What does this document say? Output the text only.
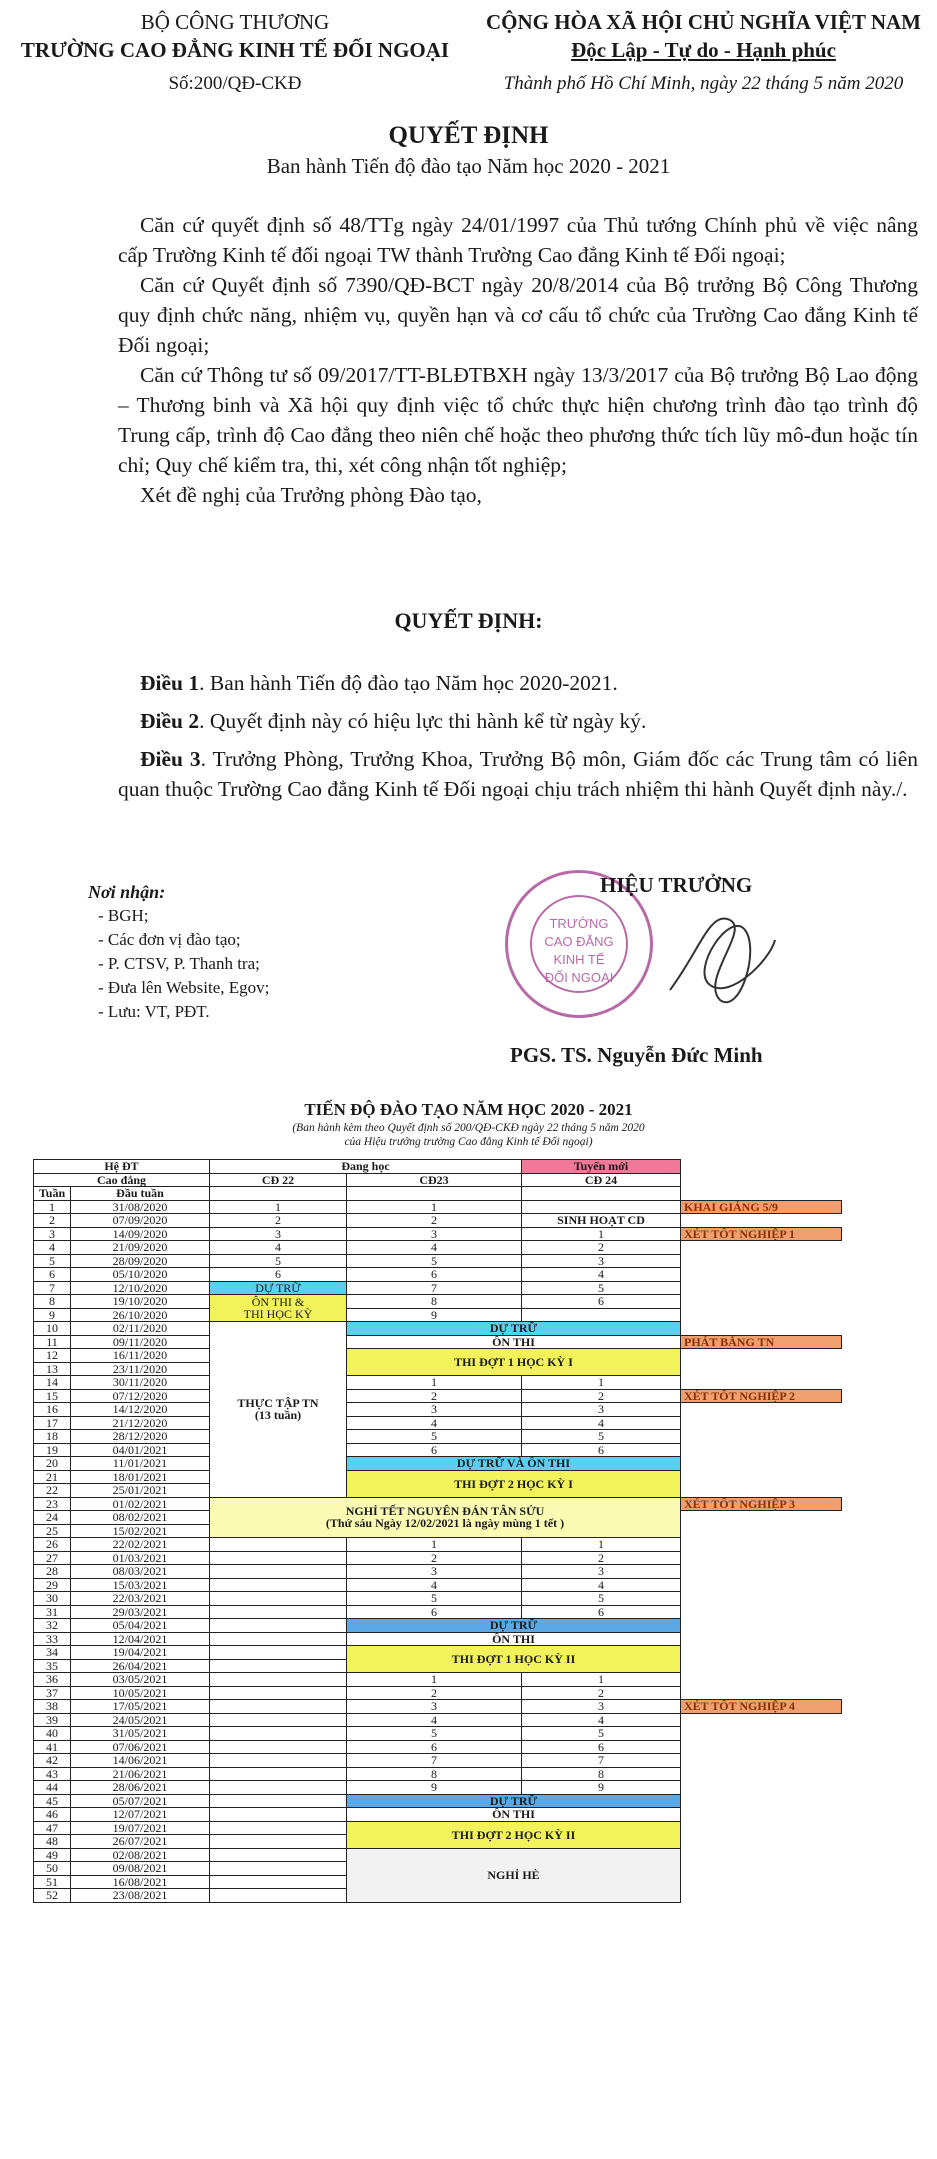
BỘ CÔNG THƯƠNG
TRƯỜNG CAO ĐẲNG KINH TẾ ĐỐI NGOẠI
Số:200/QĐ-CKĐ
CỘNG HÒA XÃ HỘI CHỦ NGHĨA VIỆT NAM
Độc Lập - Tự do - Hạnh phúc
Thành phố Hồ Chí Minh, ngày 22 tháng 5 năm 2020
QUYẾT ĐỊNH
Ban hành Tiến độ đào tạo Năm học 2020 - 2021

Căn cứ quyết định số 48/TTg ngày 24/01/1997 của Thủ tướng Chính phủ về việc nâng cấp Trường Kinh tế đối ngoại TW thành Trường Cao đẳng Kinh tế Đối ngoại;

Căn cứ Quyết định số 7390/QĐ-BCT ngày 20/8/2014 của Bộ trưởng Bộ Công Thương quy định chức năng, nhiệm vụ, quyền hạn và cơ cấu tổ chức của Trường Cao đẳng Kinh tế Đối ngoại;

Căn cứ Thông tư số 09/2017/TT-BLĐTBXH ngày 13/3/2017 của Bộ trưởng Bộ Lao động – Thương binh và Xã hội quy định việc tổ chức thực hiện chương trình đào tạo trình độ Trung cấp, trình độ Cao đẳng theo niên chế hoặc theo phương thức tích lũy mô-đun hoặc tín chỉ; Quy chế kiểm tra, thi, xét công nhận tốt nghiệp;

Xét đề nghị của Trưởng phòng Đào tạo,

QUYẾT ĐỊNH:

Điều 1. Ban hành Tiến độ đào tạo Năm học 2020-2021.

Điều 2. Quyết định này có hiệu lực thi hành kể từ ngày ký.

Điều 3. Trưởng Phòng, Trưởng Khoa, Trưởng Bộ môn, Giám đốc các Trung tâm có liên quan thuộc Trường Cao đẳng Kinh tế Đối ngoại chịu trách nhiệm thi hành Quyết định này./.

Nơi nhận:
- BGH;
- Các đơn vị đào tạo;
- P. CTSV, P. Thanh tra;
- Đưa lên Website, Egov;
- Lưu: VT, PĐT.
TRƯỜNG
CAO ĐẲNG
KINH TẾ
ĐỐI NGOẠI
HIỆU TRƯỞNG
PGS. TS. Nguyễn Đức Minh
TIẾN ĐỘ ĐÀO TẠO NĂM HỌC 2020 - 2021
(Ban hành kèm theo Quyết định số 200/QĐ-CKĐ ngày 22 tháng 5 năm 2020
của Hiệu trưởng trường Cao đẳng Kinh tế Đối ngoại)
Hệ ĐT		Đang học		Tuyển mới	
Cao đẳng		CĐ 22	CĐ23	CĐ 24	
Tuần	Đầu tuần				
1	31/08/2020	1	1		KHAI GIẢNG 5/9
2	07/09/2020	2	2	SINH HOẠT CD	

3	14/09/2020	3	3	1	XÉT TỐT NGHIỆP 1
4	21/09/2020	4	4	2	
5	28/09/2020	5	5	3	
6	05/10/2020	6	6	4	
7	12/10/2020	DỰ TRỮ	7	5	
8	19/10/2020	ÔN THI &
THI HỌC KỲ	8	6	
9	26/10/2020		9		
10	02/11/2020	THỰC TẬP TN
(13 tuần)	DỰ TRỮ		

11	09/11/2020		ÔN THI		PHÁT BẰNG TN
12	16/11/2020		THI ĐỢT 1 HỌC KỲ I		

13	23/11/2020				
14	30/11/2020		1	1	
15	07/12/2020		2	2	XÉT TỐT NGHIỆP 2
16	14/12/2020		3	3	
17	21/12/2020		4	4	
18	28/12/2020		5	5	
19	04/01/2021		6	6	
20	11/01/2021		DỰ TRỮ VÀ ÔN THI		

21	18/01/2021		THI ĐỢT 2 HỌC KỲ I		

22	25/01/2021				
23	01/02/2021	NGHỈ TẾT NGUYÊN ĐÁN TÂN SỬU
(Thứ sáu Ngày 12/02/2021 là ngày mùng 1 tết )			XÉT TỐT NGHIỆP 3
24	08/02/2021				
25	15/02/2021				
26	22/02/2021		1	1	
27	01/03/2021		2	2	
28	08/03/2021		3	3	
29	15/03/2021		4	4	
30	22/03/2021		5	5	
31	29/03/2021		6	6	
32	05/04/2021		DỰ TRỮ		

33	12/04/2021		ÔN THI		

34	19/04/2021		THI ĐỢT 1 HỌC KỲ II		

35	26/04/2021				
36	03/05/2021		1	1	
37	10/05/2021		2	2	
38	17/05/2021		3	3	XÉT TỐT NGHIỆP 4
39	24/05/2021		4	4	
40	31/05/2021		5	5	
41	07/06/2021		6	6	
42	14/06/2021		7	7	
43	21/06/2021		8	8	
44	28/06/2021		9	9	
45	05/07/2021		DỰ TRỮ		

46	12/07/2021		ÔN THI		

47	19/07/2021		THI ĐỢT 2 HỌC KỲ II		

48	26/07/2021				
49	02/08/2021		NGHỈ HÈ		

50	09/08/2021				
51	16/08/2021				
52	23/08/2021				
